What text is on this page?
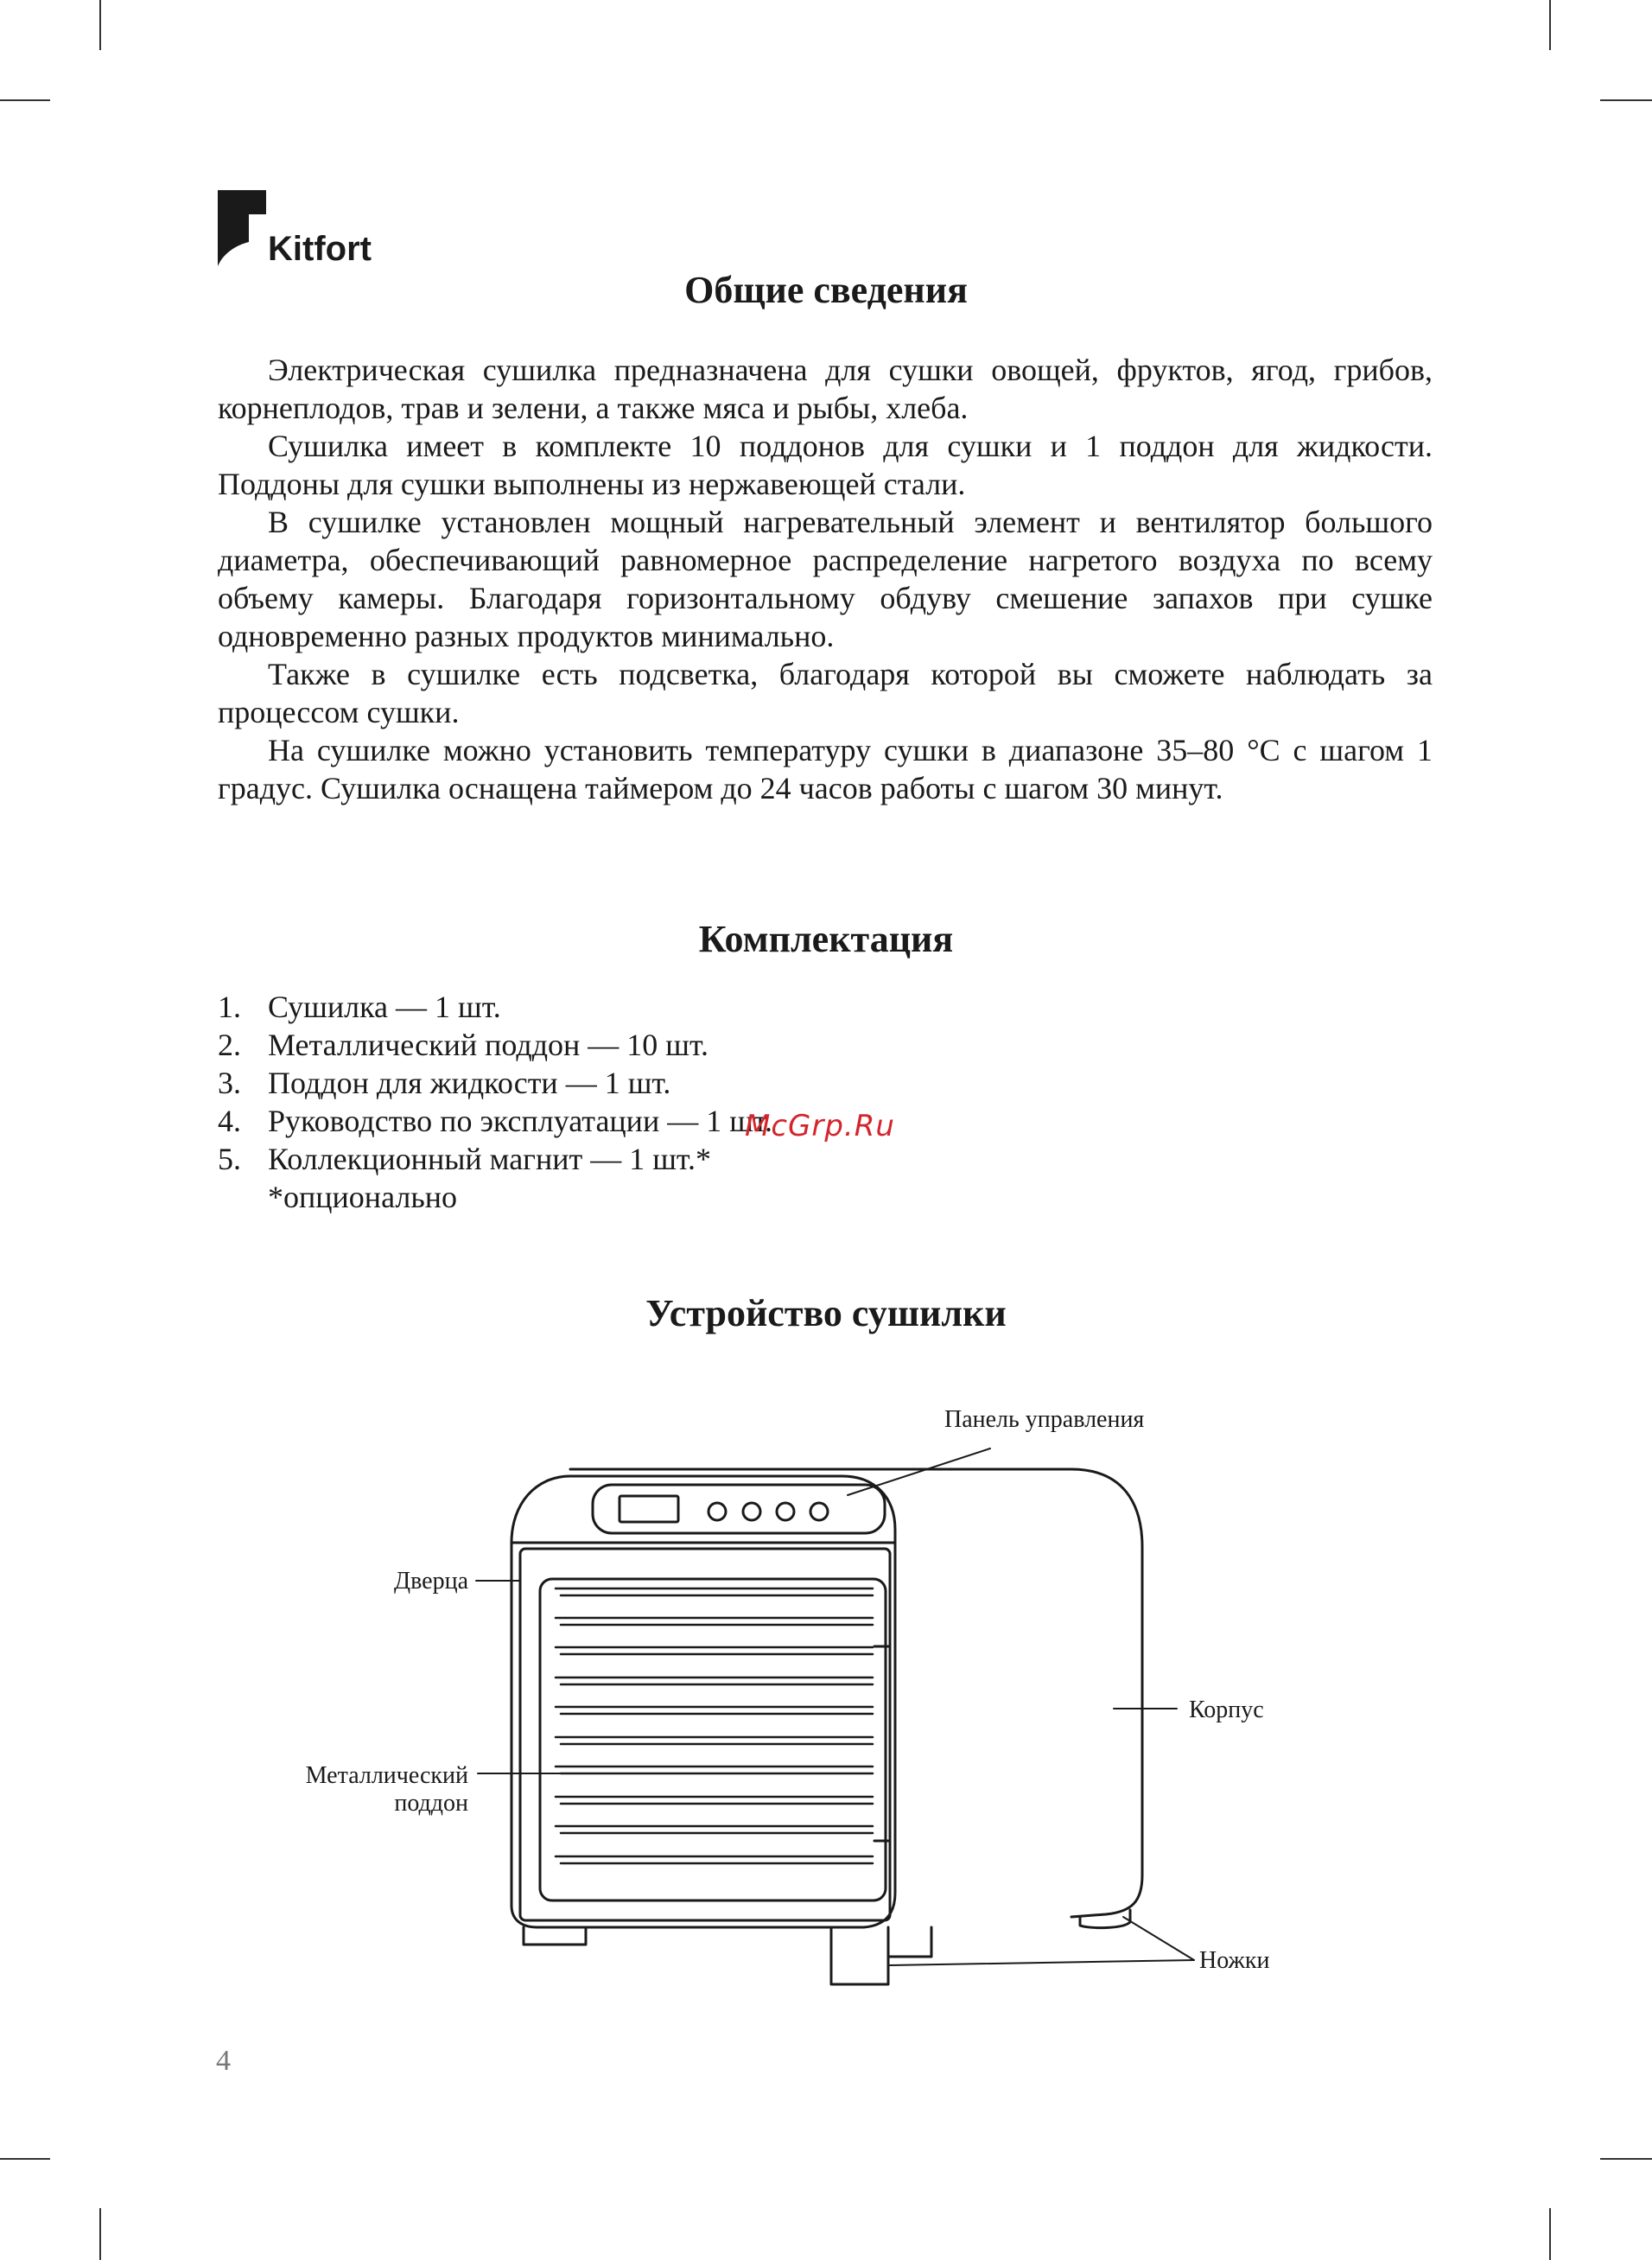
Kitfort
Общие сведения

Электрическая сушилка предназначена для сушки овощей, фруктов, ягод, грибов, корнеплодов, трав и зелени, а также мяса и рыбы, хлеба.

Сушилка имеет в комплекте 10 поддонов для сушки и 1 поддон для жидкости. Поддоны для сушки выполнены из нержавеющей стали.

В сушилке установлен мощный нагревательный элемент и вентилятор большого диаметра, обеспечивающий равномерное распределение нагретого воздуха по всему объему камеры. Благодаря горизонтальному обдуву смешение запахов при сушке одновременно разных продуктов минимально.

Также в сушилке есть подсветка, благодаря которой вы сможете наблюдать за процессом сушки.

На сушилке можно установить температуру сушки в диапазоне 35–80 °C с шагом 1 градус. Сушилка оснащена таймером до 24 часов работы с шагом 30 минут.

Комплектация
1. Сушилка — 1 шт.
2. Металлический поддон — 10 шт.
3. Поддон для жидкости — 1 шт.
4. Руководство по эксплуатации — 1 шт.
5. Коллекционный магнит — 1 шт.*
*опционально
McGrp.Ru
Устройство сушилки
Панель управления
Дверца
Корпус
Металлический
поддон
Ножки
4
